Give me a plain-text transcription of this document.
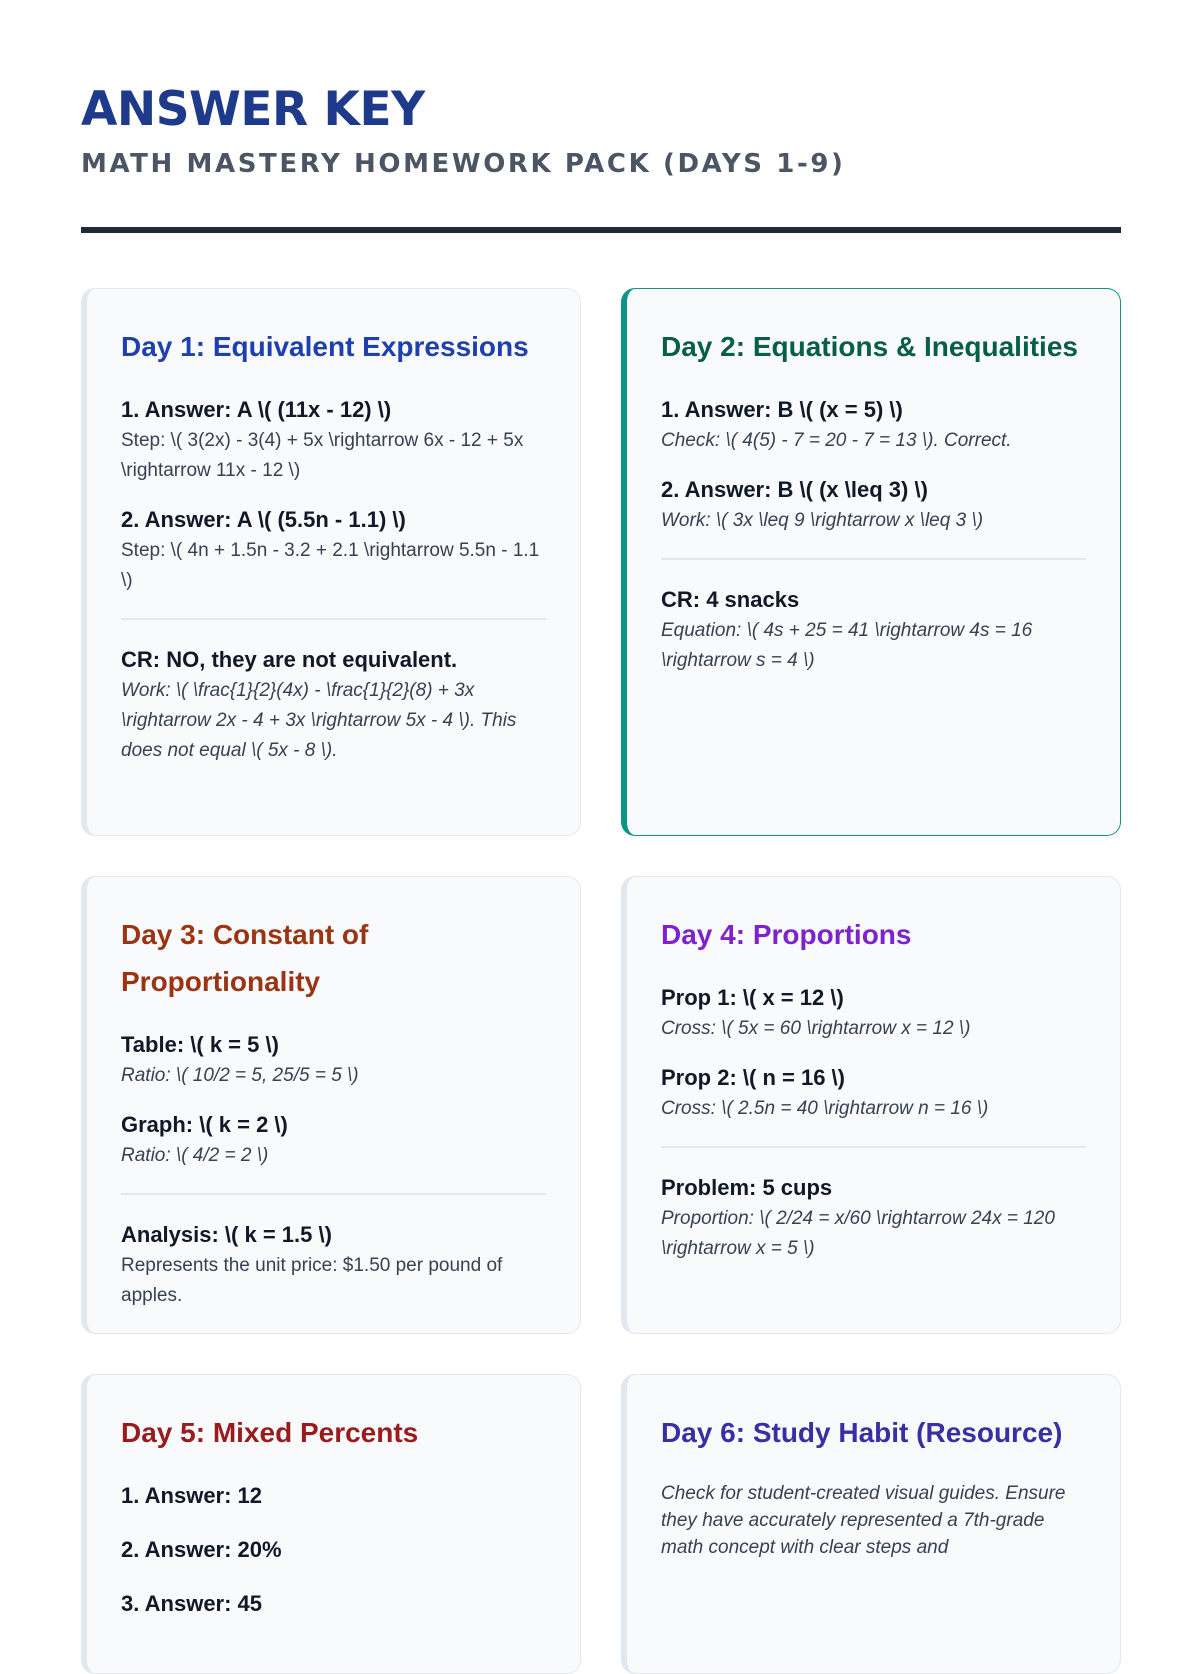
ANSWER KEY
MATH MASTERY HOMEWORK PACK (DAYS 1-9)
Day 1: Equivalent Expressions
1. Answer: A \( (11x - 12) \)
Step: \( 3(2x) - 3(4) + 5x \rightarrow 6x - 12 + 5x \rightarrow 11x - 12 \)
2. Answer: A \( (5.5n - 1.1) \)
Step: \( 4n + 1.5n - 3.2 + 2.1 \rightarrow 5.5n - 1.1 \)
CR: NO, they are not equivalent.
Work: \( \frac{1}{2}(4x) - \frac{1}{2}(8) + 3x \rightarrow 2x - 4 + 3x \rightarrow 5x - 4 \). This does not equal \( 5x - 8 \).
Day 2: Equations & Inequalities
1. Answer: B \( (x = 5) \)
Check: \( 4(5) - 7 = 20 - 7 = 13 \). Correct.
2. Answer: B \( (x \leq 3) \)
Work: \( 3x \leq 9 \rightarrow x \leq 3 \)
CR: 4 snacks
Equation: \( 4s + 25 = 41 \rightarrow 4s = 16 \rightarrow s = 4 \)
Day 3: Constant of Proportionality
Table: \( k = 5 \)
Ratio: \( 10/2 = 5, 25/5 = 5 \)
Graph: \( k = 2 \)
Ratio: \( 4/2 = 2 \)
Analysis: \( k = 1.5 \)
Represents the unit price: $1.50 per pound of apples.
Day 4: Proportions
Prop 1: \( x = 12 \)
Cross: \( 5x = 60 \rightarrow x = 12 \)
Prop 2: \( n = 16 \)
Cross: \( 2.5n = 40 \rightarrow n = 16 \)
Problem: 5 cups
Proportion: \( 2/24 = x/60 \rightarrow 24x = 120 \rightarrow x = 5 \)
Day 5: Mixed Percents
1. Answer: 12
2. Answer: 20%
3. Answer: 45
Day 6: Study Habit (Resource)
Check for student-created visual guides. Ensure they have accurately represented a 7th-grade math concept with clear steps and
